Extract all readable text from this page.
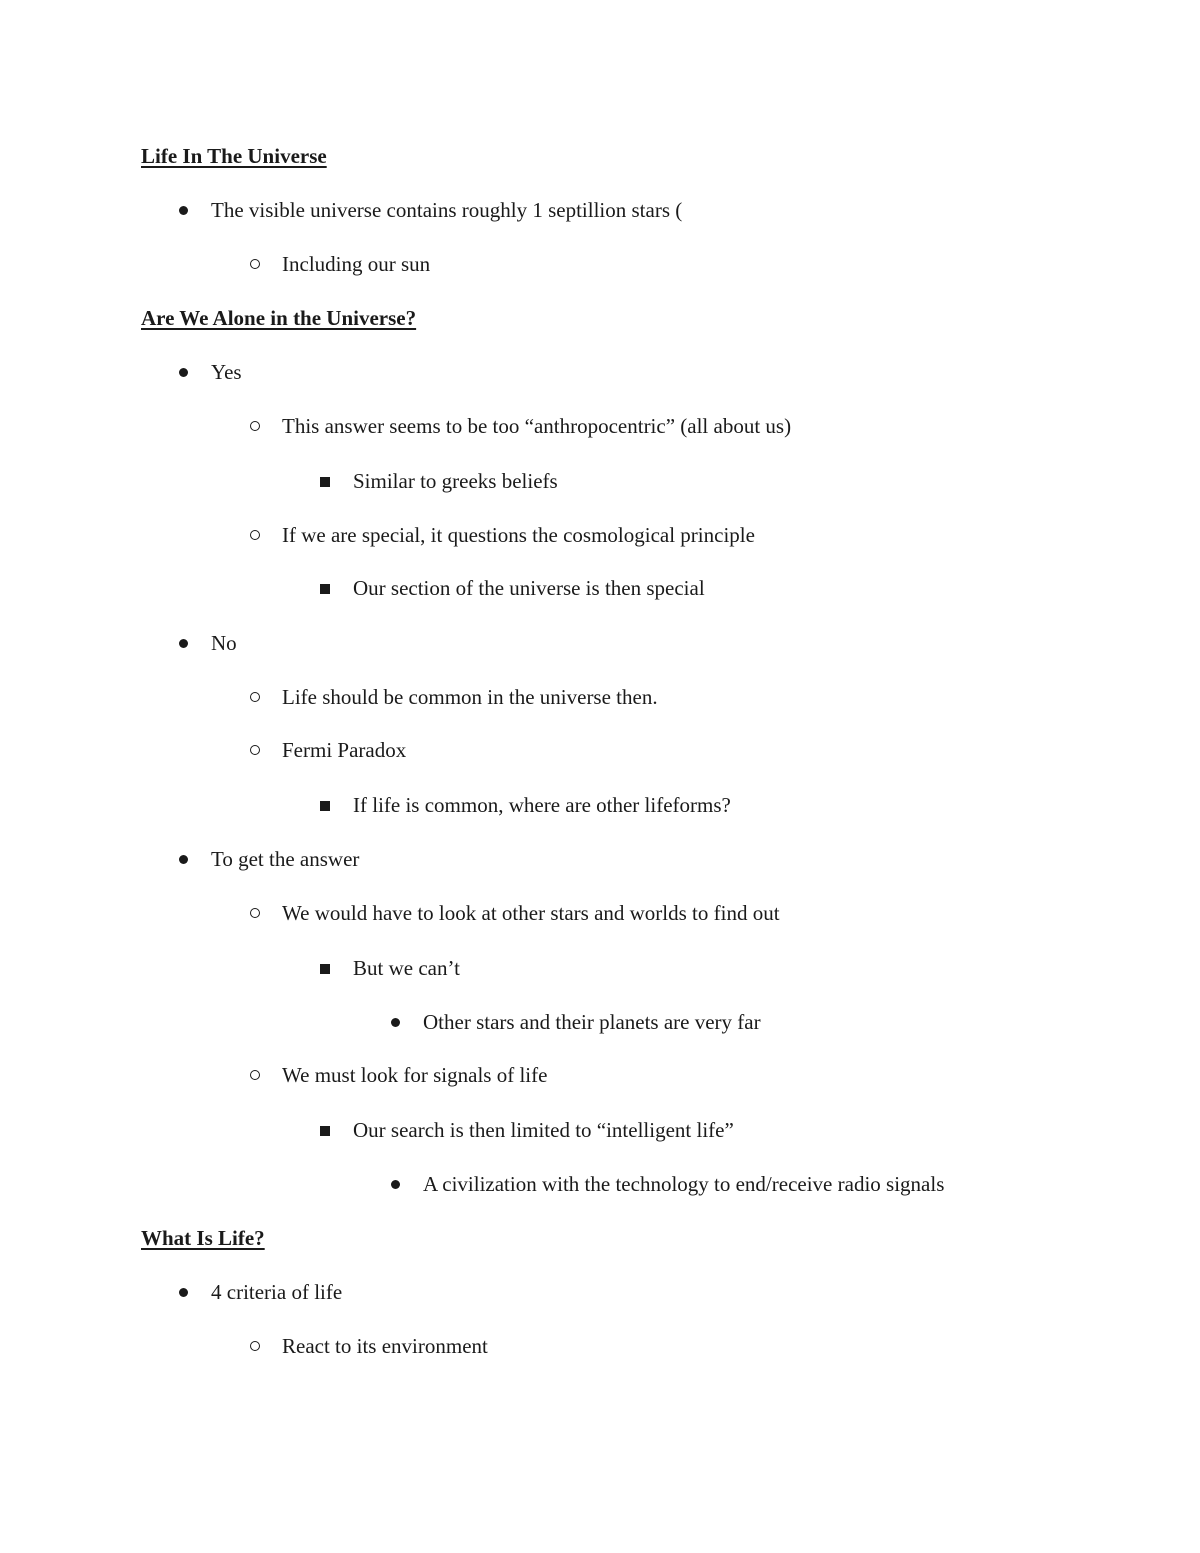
Life In The Universe
The visible universe contains roughly 1 septillion stars (
Including our sun
Are We Alone in the Universe?
Yes
This answer seems to be too “anthropocentric” (all about us)
Similar to greeks beliefs
If we are special, it questions the cosmological principle
Our section of the universe is then special
No
Life should be common in the universe then.
Fermi Paradox
If life is common, where are other lifeforms?
To get the answer
We would have to look at other stars and worlds to find out
But we can’t
Other stars and their planets are very far
We must look for signals of life
Our search is then limited to “intelligent life”
A civilization with the technology to end/receive radio signals
What Is Life?
4 criteria of life
React to its environment
